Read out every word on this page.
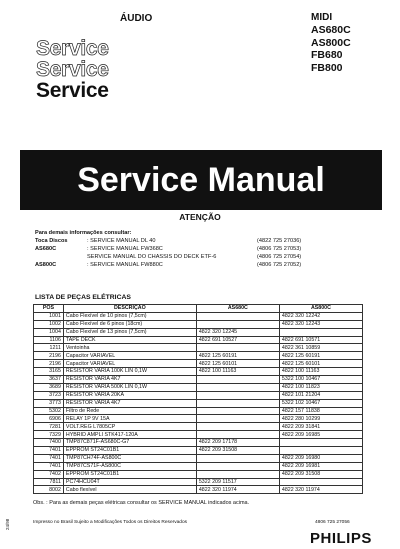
ÁUDIO	MIDI
AS680C
AS800C
FB680
FB800
Service
Service
Service
Service Manual
ATENÇÃO
Para demais informações consultar:
Toca Discos	: SERVICE MANUAL DL 40	(4822 725 27036)
AS680C	: SERVICE MANUAL FW368C	(4806 725 27053)
SERVICE MANUAL DO CHASSIS DO DECK ETF-6	(4806 725 27054)
AS800C	: SERVICE MANUAL FW880C	(4806 725 27052)
LISTA DE PEÇAS ELÉTRICAS
POS	DESCRIÇÃO	AS680C	AS800C
1001	Cabo Flexível de 10 pinos (7,5cm)		4822 320 12242
1002	Cabo Flexível de 6 pinos (18cm)		4822 320 12243
1004	Cabo Flexível de 13 pinos (7,5cm)	4822 320 12245	
1106	TAPE DECK	4822 691 10527	4822 691 10571
1211	Ventoinha		4822 361 10859
2196	Capacitor VARIAVEL	4822 125 60191	4822 125 60191
2196	Capacitor VARIAVEL	4822 125 60101	4822 125 60101
3165	RESISTOR VARIA 100K LIN 0,1W	4822 100 11163	4822 100 11163
3637	RESISTOR VARIA 4K7		5322 100 10467
3689	RESISTOR VARIA 500K LIN 0,1W		4822 100 11823
3723	RESISTOR VARIA 20KA		4822 101 21204
3773	RESISTOR VARIA 4K7		5322 102 10467
5302	Filtro de Rede		4822 157 11838
6906	RELAY 1P 9V 15A		4822 280 10299
7281	VOLT.REG L7805CP		4822 209 31841
7329	HYBRID AMPLI STK417-120A		4822 209 16985
7400	TMP87C871F-AS680C-G7	4822 209 17178	
7401	EPPROM ST24C01B1	4822 209 31508	
7401	TMP87CH74F-AS800C		4822 209 16980
7401	TMP87CS71F-AS800C		4822 209 16981
7402	EPPROM ST24C01B1		4822 209 31508
7811	PC74HCU04T	5322 209 11517	
8002	Cabo flexível	4822 320 11974	4822 320 11974
Obs. : Para as demais peças elétricas consultar os SERVICE MANUAL indicados acima.
Impresso no Brasil Sujeito a Modificações Todos os Direitos Reservados	4806 725 27056
PHILIPS
24/98
